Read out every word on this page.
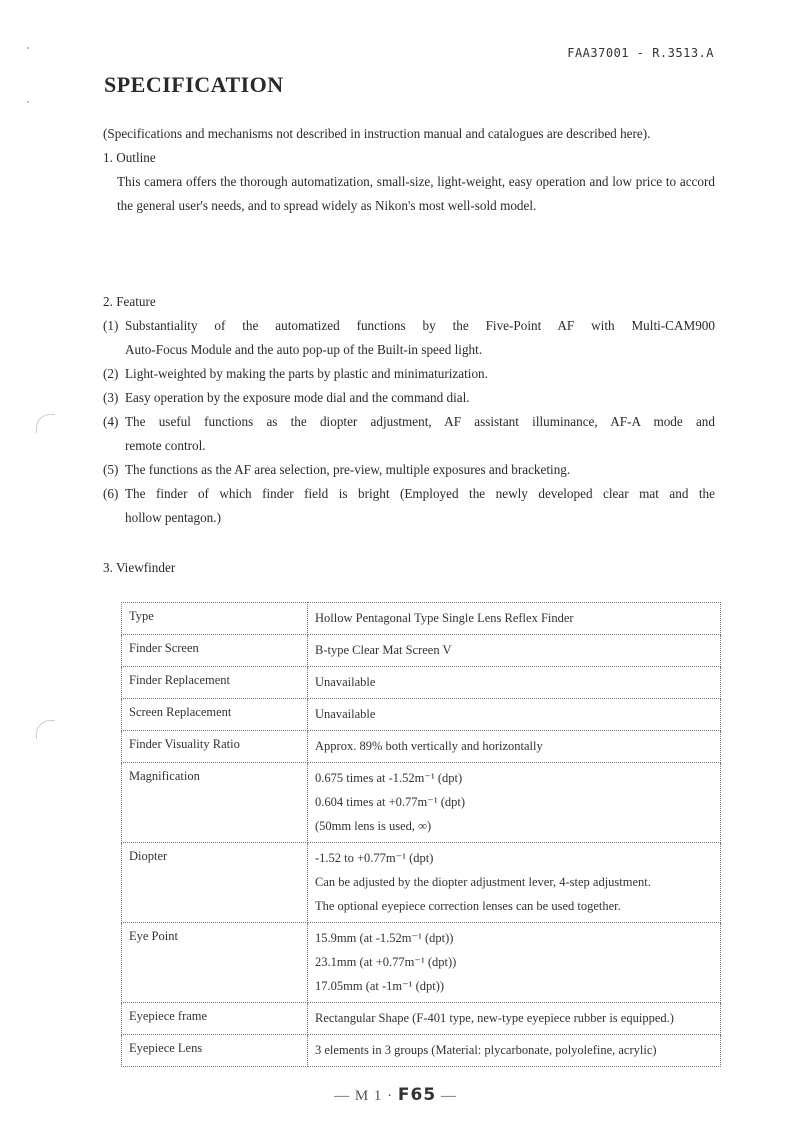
FAA37001 - R.3513.A
SPECIFICATION

(Specifications and mechanisms not described in instruction manual and catalogues are described here).

1. Outline

This camera offers the thorough automatization, small-size, light-weight, easy operation and low price to accord the general user's needs, and to spread widely as Nikon's most well-sold model.

2. Feature

(1) Substantiality of the automatized functions by the Five-Point AF with Multi-CAM900
Auto-Focus Module and the auto pop-up of the Built-in speed light.
(2) Light-weighted by making the parts by plastic and minimaturization.
(3) Easy operation by the exposure mode dial and the command dial.
(4) The useful functions as the diopter adjustment, AF assistant illuminance, AF-A mode and
remote control.
(5) The functions as the AF area selection, pre-view, multiple exposures and bracketing.
(6) The finder of which finder field is bright (Employed the newly developed clear mat and the
hollow pentagon.)

3. Viewfinder

Type	Hollow Pentagonal Type Single Lens Reflex Finder

Finder Screen	B-type Clear Mat Screen V

Finder Replacement	Unavailable

Screen Replacement	Unavailable

Finder Visuality Ratio	Approx. 89% both vertically and horizontally

Magnification	0.675 times at -1.52m⁻¹ (dpt)
0.604 times at +0.77m⁻¹ (dpt)
(50mm lens is used, ∞)

Diopter	-1.52 to +0.77m⁻¹ (dpt)
Can be adjusted by the diopter adjustment lever, 4-step adjustment.
The optional eyepiece correction lenses can be used together.

Eye Point	15.9mm (at -1.52m⁻¹ (dpt))
23.1mm (at +0.77m⁻¹ (dpt))
17.05mm (at -1m⁻¹ (dpt))

Eyepiece frame	Rectangular Shape (F-401 type, new-type eyepiece rubber is equipped.)

Eyepiece Lens	3 elements in 3 groups (Material: plycarbonate, polyolefine, acrylic)
— M 1 · F65 —
